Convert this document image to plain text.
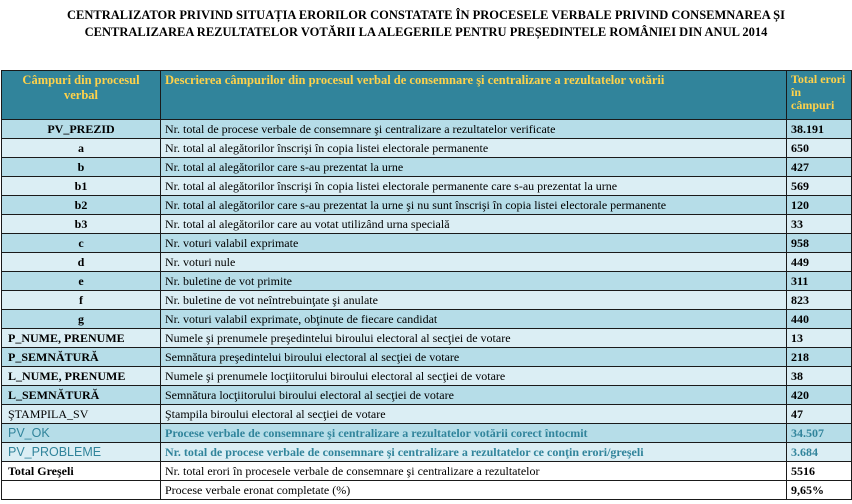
CENTRALIZATOR PRIVIND SITUAȚIA ERORILOR CONSTATATE ÎN PROCESELE VERBALE PRIVIND CONSEMNAREA ȘI
CENTRALIZAREA REZULTATELOR VOTĂRII LA ALEGERILE PENTRU PREȘEDINTELE ROMÂNIEI DIN ANUL 2014
Câmpuri din procesul verbal	Descrierea câmpurilor din procesul verbal de consemnare şi centralizare a rezultatelor votării	Total erori în câmpuri
PV_PREZID	Nr. total de procese verbale de consemnare şi centralizare a rezultatelor verificate	38.191
a	Nr. total al alegătorilor înscrişi în copia listei electorale permanente	650
b	Nr. total al alegătorilor care s-au prezentat la urne	427
b1	Nr. total al alegătorilor înscrişi în copia listei electorale permanente care s-au prezentat la urne	569
b2	Nr. total al alegătorilor care s-au prezentat la urne şi nu sunt înscrişi în copia listei electorale permanente	120
b3	Nr. total al alegătorilor care au votat utilizând urna specială	33
c	Nr. voturi valabil exprimate	958
d	Nr. voturi nule	449
e	Nr. buletine de vot primite	311
f	Nr. buletine de vot neîntrebuinţate şi anulate	823
g	Nr. voturi valabil exprimate, obţinute de fiecare candidat	440
P_NUME, PRENUME	Numele şi prenumele preşedintelui biroului electoral al secţiei de votare	13
P_SEMNĂTURĂ	Semnătura preşedintelui biroului electoral al secţiei de votare	218
L_NUME, PRENUME	Numele şi prenumele locţiitorului biroului electoral al secţiei de votare	38
L_SEMNĂTURĂ	Semnătura locţiitorului biroului electoral al secţiei de votare	420
ŞTAMPILA_SV	Ştampila biroului electoral al secţiei de votare	47
PV_OK	Procese verbale de consemnare şi centralizare a rezultatelor votării corect întocmit	34.507
PV_PROBLEME	Nr. total de procese verbale de consemnare şi centralizare a rezultatelor ce conţin erori/greşeli	3.684
Total Greşeli	Nr. total erori în procesele verbale de consemnare şi centralizare a rezultatelor	5516
	Procese verbale eronat completate (%)	9,65%
